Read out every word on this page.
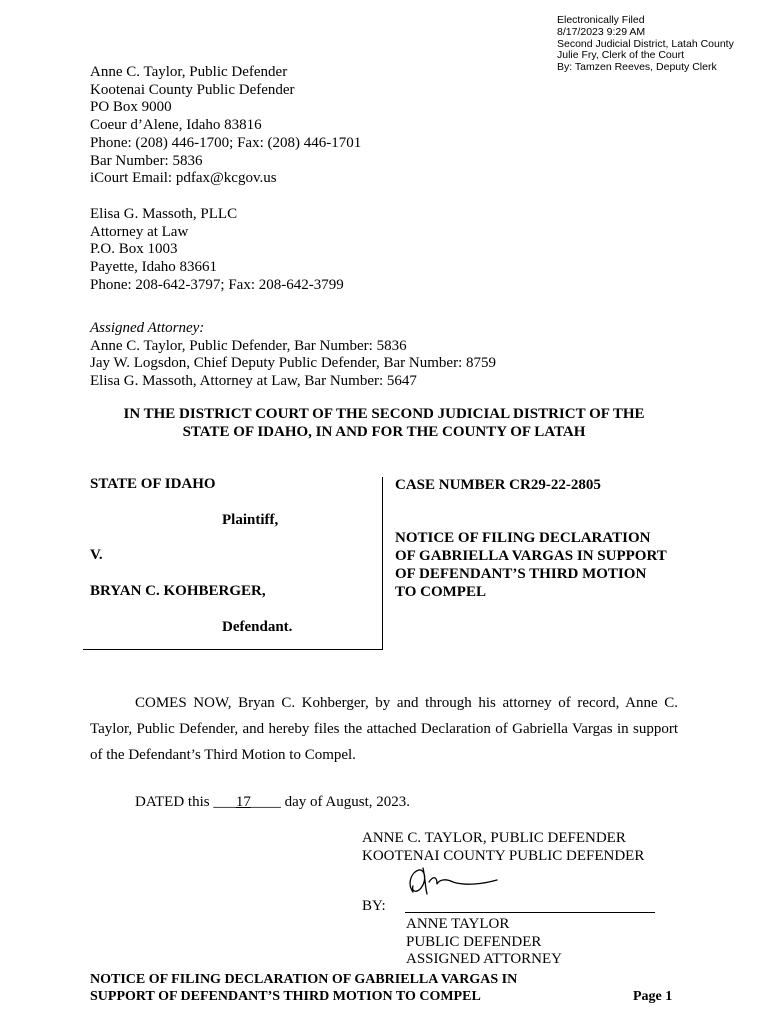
Electronically Filed
8/17/2023 9:29 AM
Second Judicial District, Latah County
Julie Fry, Clerk of the Court
By: Tamzen Reeves, Deputy Clerk
Anne C. Taylor, Public Defender
Kootenai County Public Defender
PO Box 9000
Coeur d’Alene, Idaho 83816
Phone: (208) 446-1700; Fax: (208) 446-1701
Bar Number: 5836
iCourt Email: pdfax@kcgov.us
Elisa G. Massoth, PLLC
Attorney at Law
P.O. Box 1003
Payette, Idaho 83661
Phone: 208-642-3797; Fax: 208-642-3799
Assigned Attorney:
Anne C. Taylor, Public Defender, Bar Number: 5836
Jay W. Logsdon, Chief Deputy Public Defender, Bar Number: 8759
Elisa G. Massoth, Attorney at Law, Bar Number: 5647
IN THE DISTRICT COURT OF THE SECOND JUDICIAL DISTRICT OF THE
STATE OF IDAHO, IN AND FOR THE COUNTY OF LATAH
STATE OF IDAHO
Plaintiff,
V.
BRYAN C. KOHBERGER,
Defendant.
CASE NUMBER CR29-22-2805
NOTICE OF FILING DECLARATION
OF GABRIELLA VARGAS IN SUPPORT
OF DEFENDANT’S THIRD MOTION
TO COMPEL
COMES NOW, Bryan C. Kohberger, by and through his attorney of record, Anne C. Taylor, Public Defender, and hereby files the attached Declaration of Gabriella Vargas in support of the Defendant’s Third Motion to Compel.
DATED this ___17____ day of August, 2023.
ANNE C. TAYLOR, PUBLIC DEFENDER
KOOTENAI COUNTY PUBLIC DEFENDER
BY:
ANNE TAYLOR
PUBLIC DEFENDER
ASSIGNED ATTORNEY
NOTICE OF FILING DECLARATION OF GABRIELLA VARGAS IN
SUPPORT OF DEFENDANT’S THIRD MOTION TO COMPEL	Page 1
